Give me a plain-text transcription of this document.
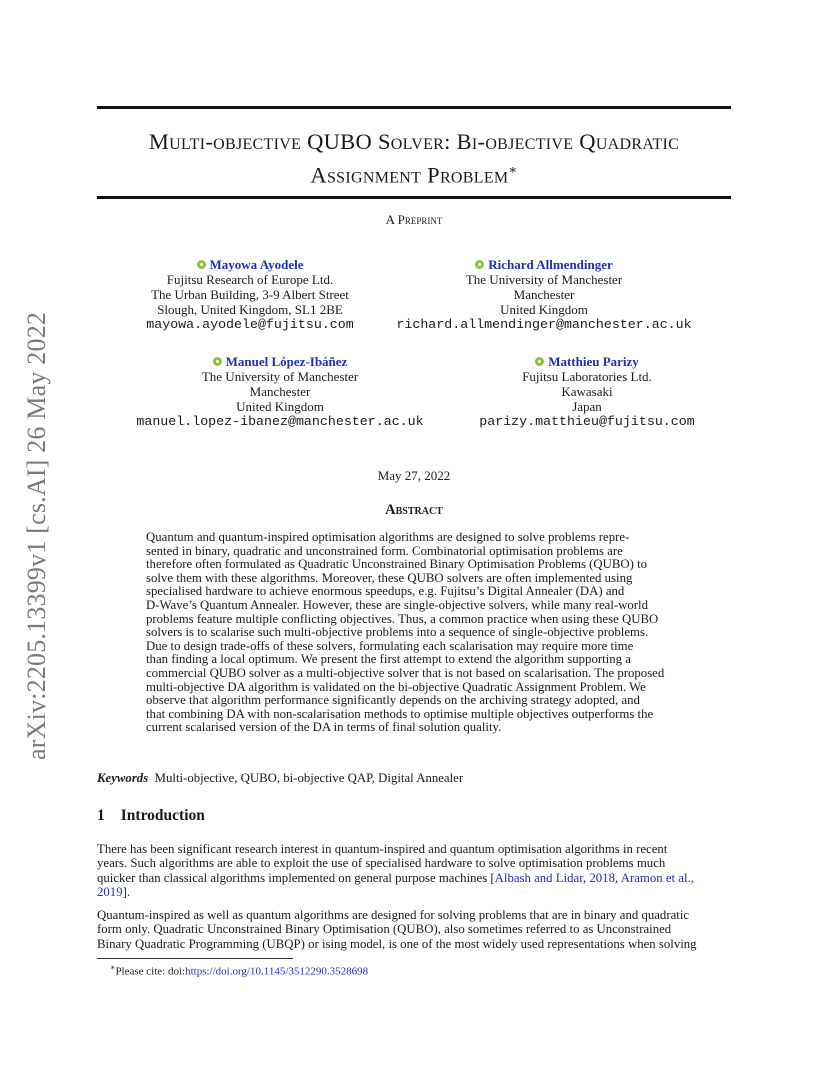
arXiv:2205.13399v1 [cs.AI] 26 May 2022
Multi-objective QUBO Solver: Bi-objective Quadratic
Assignment Problem∗
A Preprint
Mayowa Ayodele
Fujitsu Research of Europe Ltd.
The Urban Building, 3-9 Albert Street
Slough, United Kingdom, SL1 2BE
mayowa.ayodele@fujitsu.com
Richard Allmendinger
The University of Manchester
Manchester
United Kingdom
richard.allmendinger@manchester.ac.uk
Manuel López-Ibáñez
The University of Manchester
Manchester
United Kingdom
manuel.lopez-ibanez@manchester.ac.uk
Matthieu Parizy
Fujitsu Laboratories Ltd.
Kawasaki
Japan
parizy.matthieu@fujitsu.com
May 27, 2022
Abstract
Quantum and quantum-inspired optimisation algorithms are designed to solve problems repre-
sented in binary, quadratic and unconstrained form. Combinatorial optimisation problems are
therefore often formulated as Quadratic Unconstrained Binary Optimisation Problems (QUBO) to
solve them with these algorithms. Moreover, these QUBO solvers are often implemented using
specialised hardware to achieve enormous speedups, e.g. Fujitsu’s Digital Annealer (DA) and
D-Wave’s Quantum Annealer. However, these are single-objective solvers, while many real-world
problems feature multiple conflicting objectives. Thus, a common practice when using these QUBO
solvers is to scalarise such multi-objective problems into a sequence of single-objective problems.
Due to design trade-offs of these solvers, formulating each scalarisation may require more time
than finding a local optimum. We present the first attempt to extend the algorithm supporting a
commercial QUBO solver as a multi-objective solver that is not based on scalarisation. The proposed
multi-objective DA algorithm is validated on the bi-objective Quadratic Assignment Problem. We
observe that algorithm performance significantly depends on the archiving strategy adopted, and
that combining DA with non-scalarisation methods to optimise multiple objectives outperforms the
current scalarised version of the DA in terms of final solution quality.
Keywords Multi-objective, QUBO, bi-objective QAP, Digital Annealer
1 Introduction
There has been significant research interest in quantum-inspired and quantum optimisation algorithms in recent
years. Such algorithms are able to exploit the use of specialised hardware to solve optimisation problems much
quicker than classical algorithms implemented on general purpose machines [Albash and Lidar, 2018, Aramon et al.,
2019].
Quantum-inspired as well as quantum algorithms are designed for solving problems that are in binary and quadratic
form only. Quadratic Unconstrained Binary Optimisation (QUBO), also sometimes referred to as Unconstrained
Binary Quadratic Programming (UBQP) or ising model, is one of the most widely used representations when solving
∗Please cite: doi:https://doi.org/10.1145/3512290.3528698
